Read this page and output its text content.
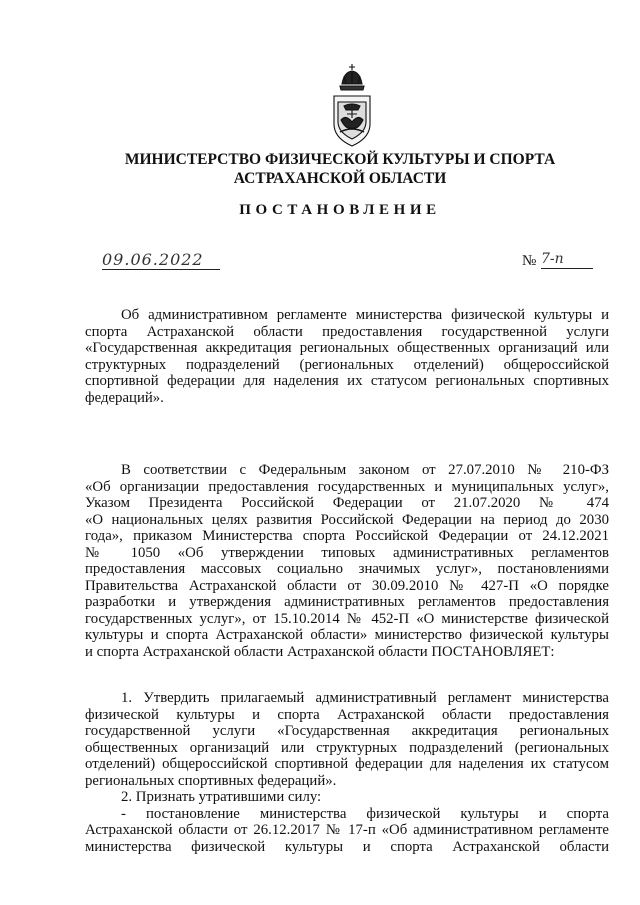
МИНИСТЕРСТВО ФИЗИЧЕСКОЙ КУЛЬТУРЫ И СПОРТА
АСТРАХАНСКОЙ ОБЛАСТИ
ПОСТАНОВЛЕНИЕ
09.06.2022	№ 7-п
Об административном регламенте министерства физической культуры и
спорта Астраханской области предоставления государственной услуги
«Государственная аккредитация региональных общественных организаций или
структурных подразделений (региональных отделений) общероссийской
спортивной федерации для наделения их статусом региональных спортивных
федераций».
В соответствии с Федеральным законом от 27.07.2010 № 210-ФЗ
«Об организации предоставления государственных и муниципальных услуг»,
Указом Президента Российской Федерации от 21.07.2020 № 474
«О национальных целях развития Российской Федерации на период до 2030
года», приказом Министерства спорта Российской Федерации от 24.12.2021
№ 1050 «Об утверждении типовых административных регламентов
предоставления массовых социально значимых услуг», постановлениями
Правительства Астраханской области от 30.09.2010 № 427-П «О порядке
разработки и утверждения административных регламентов предоставления
государственных услуг», от 15.10.2014 № 452-П «О министерстве физической
культуры и спорта Астраханской области» министерство физической культуры
и спорта Астраханской области Астраханской области ПОСТАНОВЛЯЕТ:
1. Утвердить прилагаемый административный регламент министерства
физической культуры и спорта Астраханской области предоставления
государственной услуги «Государственная аккредитация региональных
общественных организаций или структурных подразделений (региональных
отделений) общероссийской спортивной федерации для наделения их статусом
региональных спортивных федераций».
2. Признать утратившими силу:
- постановление министерства физической культуры и спорта
Астраханской области от 26.12.2017 № 17-п «Об административном регламенте
министерства физической культуры и спорта Астраханской области
